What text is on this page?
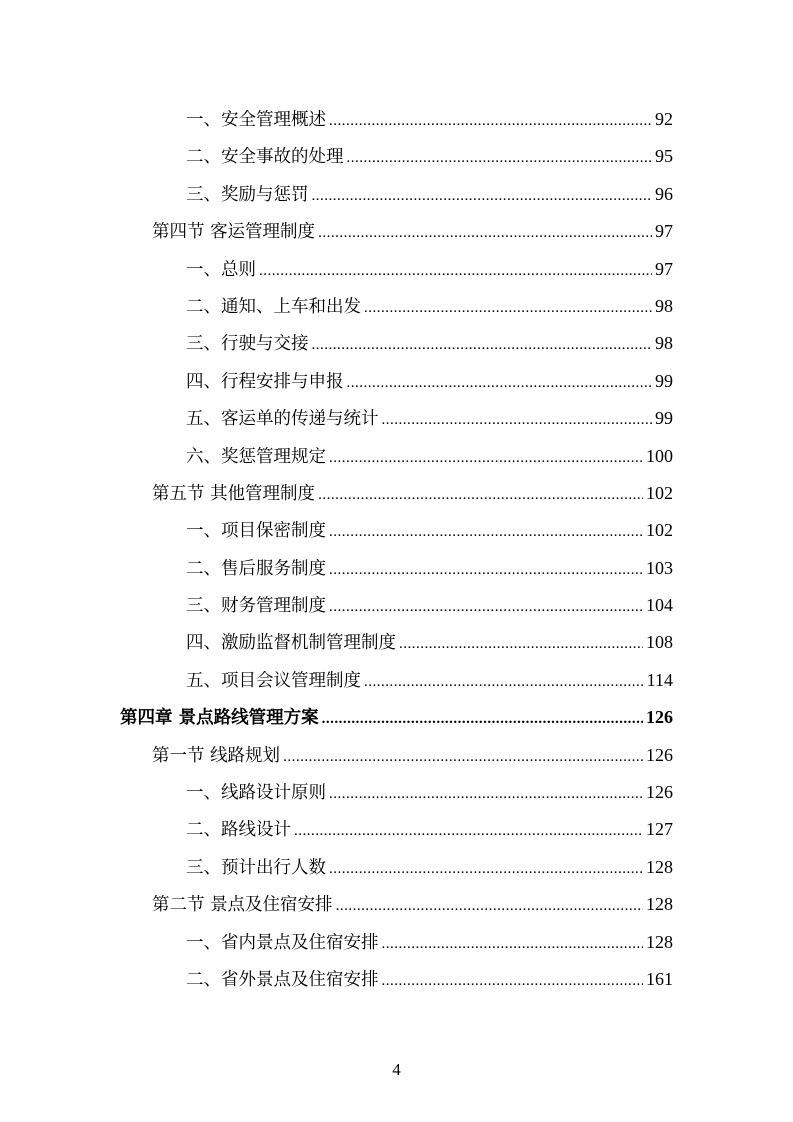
一、安全管理概述 .....	92
二、安全事故的处理 .....	95
三、奖励与惩罚 .....	96
第四节 客运管理制度 .....	97
一、总则 .....	97
二、通知、上车和出发 .....	98
三、行驶与交接 .....	98
四、行程安排与申报 .....	99
五、客运单的传递与统计 .....	99
六、奖惩管理规定 .....	100
第五节 其他管理制度 .....	102
一、项目保密制度 .....	102
二、售后服务制度 .....	103
三、财务管理制度 .....	104
四、激励监督机制管理制度 .....	108
五、项目会议管理制度 .....	114
第四章 景点路线管理方案 .....	126
第一节 线路规划 .....	126
一、线路设计原则 .....	126
二、路线设计 .....	127
三、预计出行人数 .....	128
第二节 景点及住宿安排 .....	128
一、省内景点及住宿安排 .....	128
二、省外景点及住宿安排 .....	161
4
